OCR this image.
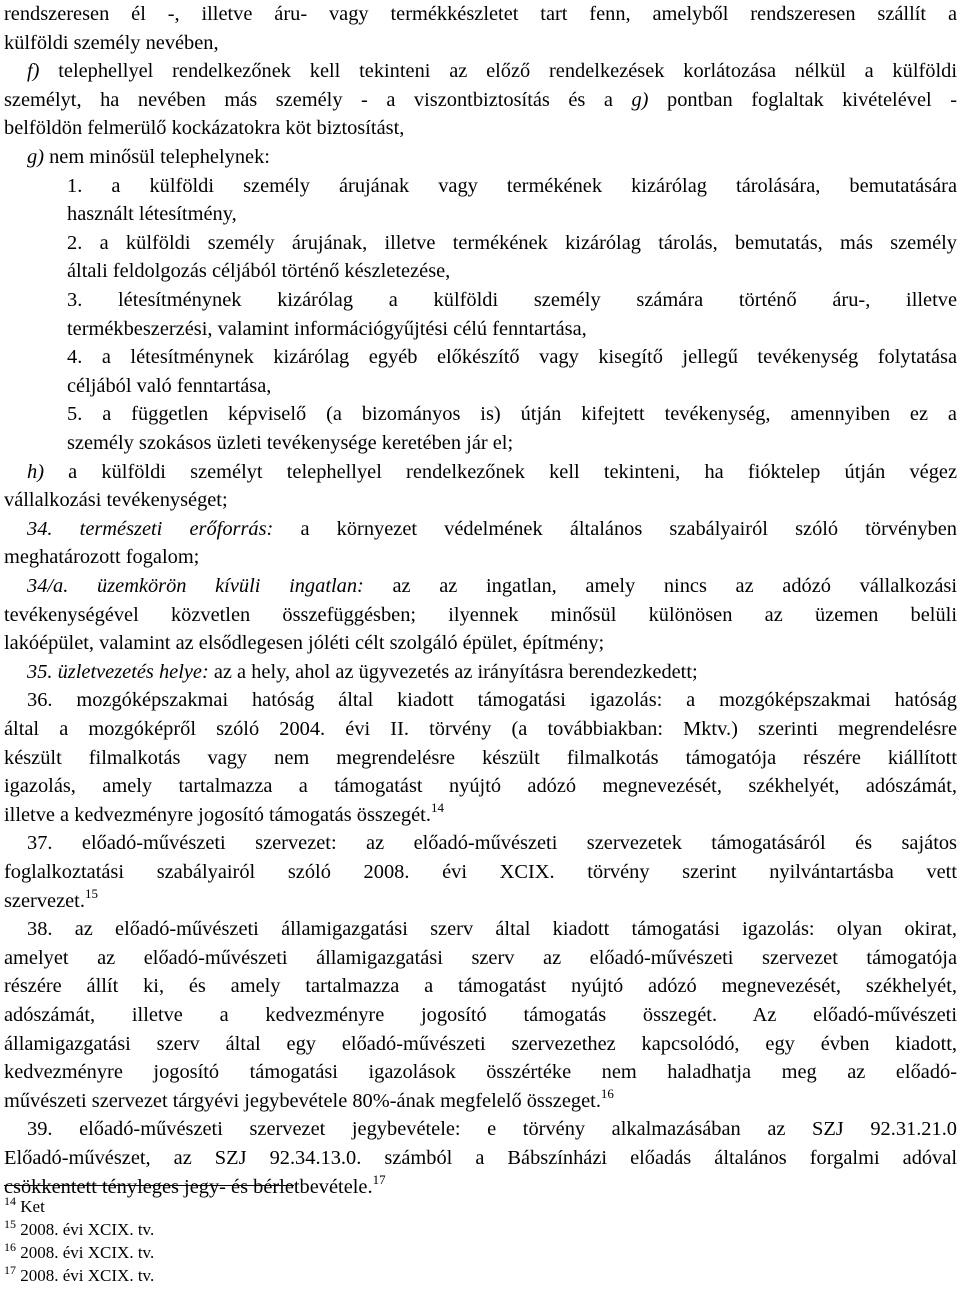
rendszeresen él -, illetve áru- vagy termékkészletet tart fenn, amelyből rendszeresen szállít a
külföldi személy nevében,
f) telephellyel rendelkezőnek kell tekinteni az előző rendelkezések korlátozása nélkül a külföldi
személyt, ha nevében más személy - a viszontbiztosítás és a g) pontban foglaltak kivételével -
belföldön felmerülő kockázatokra köt biztosítást,
g) nem minősül telephelynek:
1. a külföldi személy árujának vagy termékének kizárólag tárolására, bemutatására
használt létesítmény,
2. a külföldi személy árujának, illetve termékének kizárólag tárolás, bemutatás, más személy
általi feldolgozás céljából történő készletezése,
3. létesítménynek kizárólag a külföldi személy számára történő áru-, illetve
termékbeszerzési, valamint információgyűjtési célú fenntartása,
4. a létesítménynek kizárólag egyéb előkészítő vagy kisegítő jellegű tevékenység folytatása
céljából való fenntartása,
5. a független képviselő (a bizományos is) útján kifejtett tevékenység, amennyiben ez a
személy szokásos üzleti tevékenysége keretében jár el;
h) a külföldi személyt telephellyel rendelkezőnek kell tekinteni, ha fióktelep útján végez
vállalkozási tevékenységet;
34. természeti erőforrás: a környezet védelmének általános szabályairól szóló törvényben
meghatározott fogalom;
34/a. üzemkörön kívüli ingatlan: az az ingatlan, amely nincs az adózó vállalkozási
tevékenységével közvetlen összefüggésben; ilyennek minősül különösen az üzemen belüli
lakóépület, valamint az elsődlegesen jóléti célt szolgáló épület, építmény;
35. üzletvezetés helye: az a hely, ahol az ügyvezetés az irányításra berendezkedett;
36. mozgóképszakmai hatóság által kiadott támogatási igazolás: a mozgóképszakmai hatóság
által a mozgóképről szóló 2004. évi II. törvény (a továbbiakban: Mktv.) szerinti megrendelésre
készült filmalkotás vagy nem megrendelésre készült filmalkotás támogatója részére kiállított
igazolás, amely tartalmazza a támogatást nyújtó adózó megnevezését, székhelyét, adószámát,
illetve a kedvezményre jogosító támogatás összegét.$^{14}$
37. előadó-művészeti szervezet: az előadó-művészeti szervezetek támogatásáról és sajátos
foglalkoztatási szabályairól szóló 2008. évi XCIX. törvény szerint nyilvántartásba vett
szervezet.$^{15}$
38. az előadó-művészeti államigazgatási szerv által kiadott támogatási igazolás: olyan okirat,
amelyet az előadó-művészeti államigazgatási szerv az előadó-művészeti szervezet támogatója
részére állít ki, és amely tartalmazza a támogatást nyújtó adózó megnevezését, székhelyét,
adószámát, illetve a kedvezményre jogosító támogatás összegét. Az előadó-művészeti
államigazgatási szerv által egy előadó-művészeti szervezethez kapcsolódó, egy évben kiadott,
kedvezményre jogosító támogatási igazolások összértéke nem haladhatja meg az előadó-
művészeti szervezet tárgyévi jegybevétele 80%-ának megfelelő összeget.$^{16}$
39. előadó-művészeti szervezet jegybevétele: e törvény alkalmazásában az SZJ 92.31.21.0
Előadó-művészet, az SZJ 92.34.13.0. számból a Bábszínházi előadás általános forgalmi adóval
csökkentett tényleges jegy- és bérletbevétele.$^{17}$
$^{14}$ Ket
$^{15}$ 2008. évi XCIX. tv.
$^{16}$ 2008. évi XCIX. tv.
$^{17}$ 2008. évi XCIX. tv.
